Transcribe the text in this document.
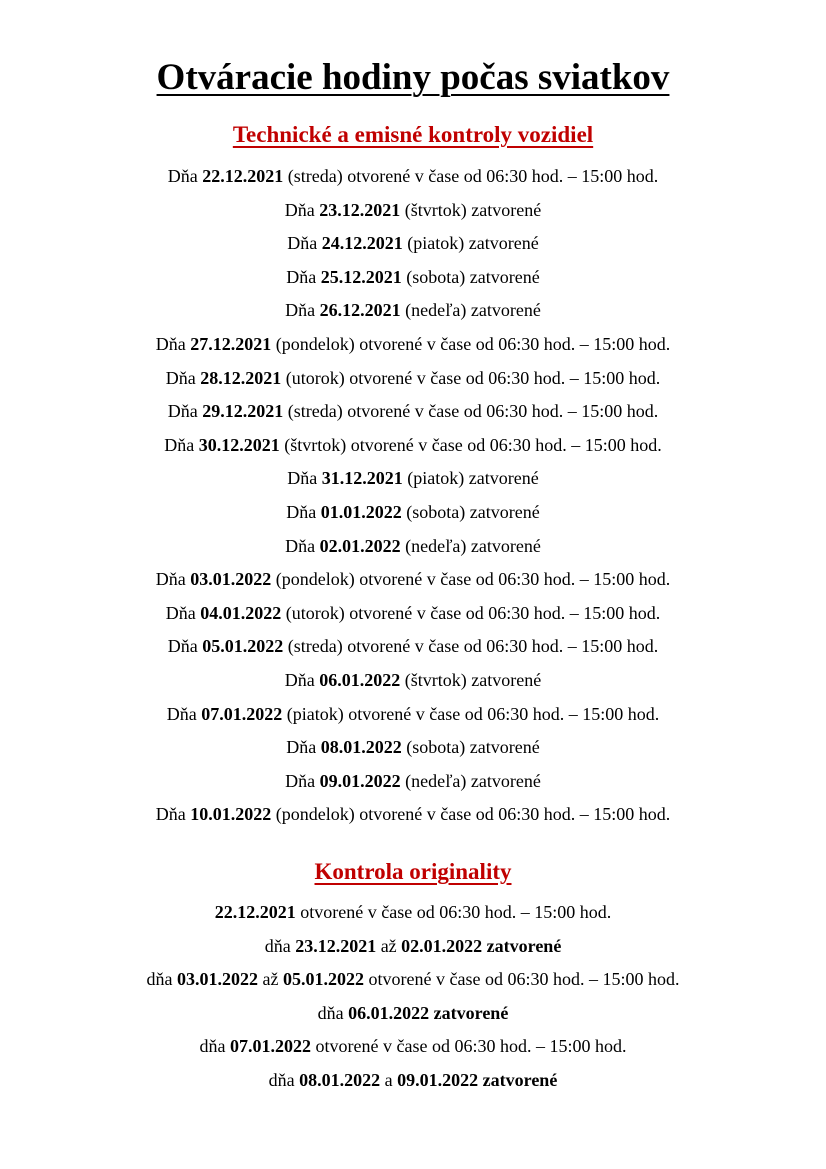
Otváracie hodiny počas sviatkov
Technické a emisné kontroly vozidiel
Dňa 22.12.2021 (streda) otvorené v čase od 06:30 hod. – 15:00 hod.
Dňa 23.12.2021 (štvrtok) zatvorené
Dňa 24.12.2021 (piatok) zatvorené
Dňa 25.12.2021 (sobota) zatvorené
Dňa 26.12.2021 (nedeľa) zatvorené
Dňa 27.12.2021 (pondelok) otvorené v čase od 06:30 hod. – 15:00 hod.
Dňa 28.12.2021 (utorok) otvorené v čase od 06:30 hod. – 15:00 hod.
Dňa 29.12.2021 (streda) otvorené v čase od 06:30 hod. – 15:00 hod.
Dňa 30.12.2021 (štvrtok) otvorené v čase od 06:30 hod. – 15:00 hod.
Dňa 31.12.2021 (piatok) zatvorené
Dňa 01.01.2022 (sobota) zatvorené
Dňa 02.01.2022 (nedeľa) zatvorené
Dňa 03.01.2022 (pondelok) otvorené v čase od 06:30 hod. – 15:00 hod.
Dňa 04.01.2022 (utorok) otvorené v čase od 06:30 hod. – 15:00 hod.
Dňa 05.01.2022 (streda) otvorené v čase od 06:30 hod. – 15:00 hod.
Dňa 06.01.2022 (štvrtok) zatvorené
Dňa 07.01.2022 (piatok) otvorené v čase od 06:30 hod. – 15:00 hod.
Dňa 08.01.2022 (sobota) zatvorené
Dňa 09.01.2022 (nedeľa) zatvorené
Dňa 10.01.2022 (pondelok) otvorené v čase od 06:30 hod. – 15:00 hod.
Kontrola originality
22.12.2021 otvorené v čase od 06:30 hod. – 15:00 hod.
dňa 23.12.2021 až 02.01.2022 zatvorené
dňa 03.01.2022 až 05.01.2022 otvorené v čase od 06:30 hod. – 15:00 hod.
dňa 06.01.2022 zatvorené
dňa 07.01.2022 otvorené v čase od 06:30 hod. – 15:00 hod.
dňa 08.01.2022 a 09.01.2022 zatvorené
